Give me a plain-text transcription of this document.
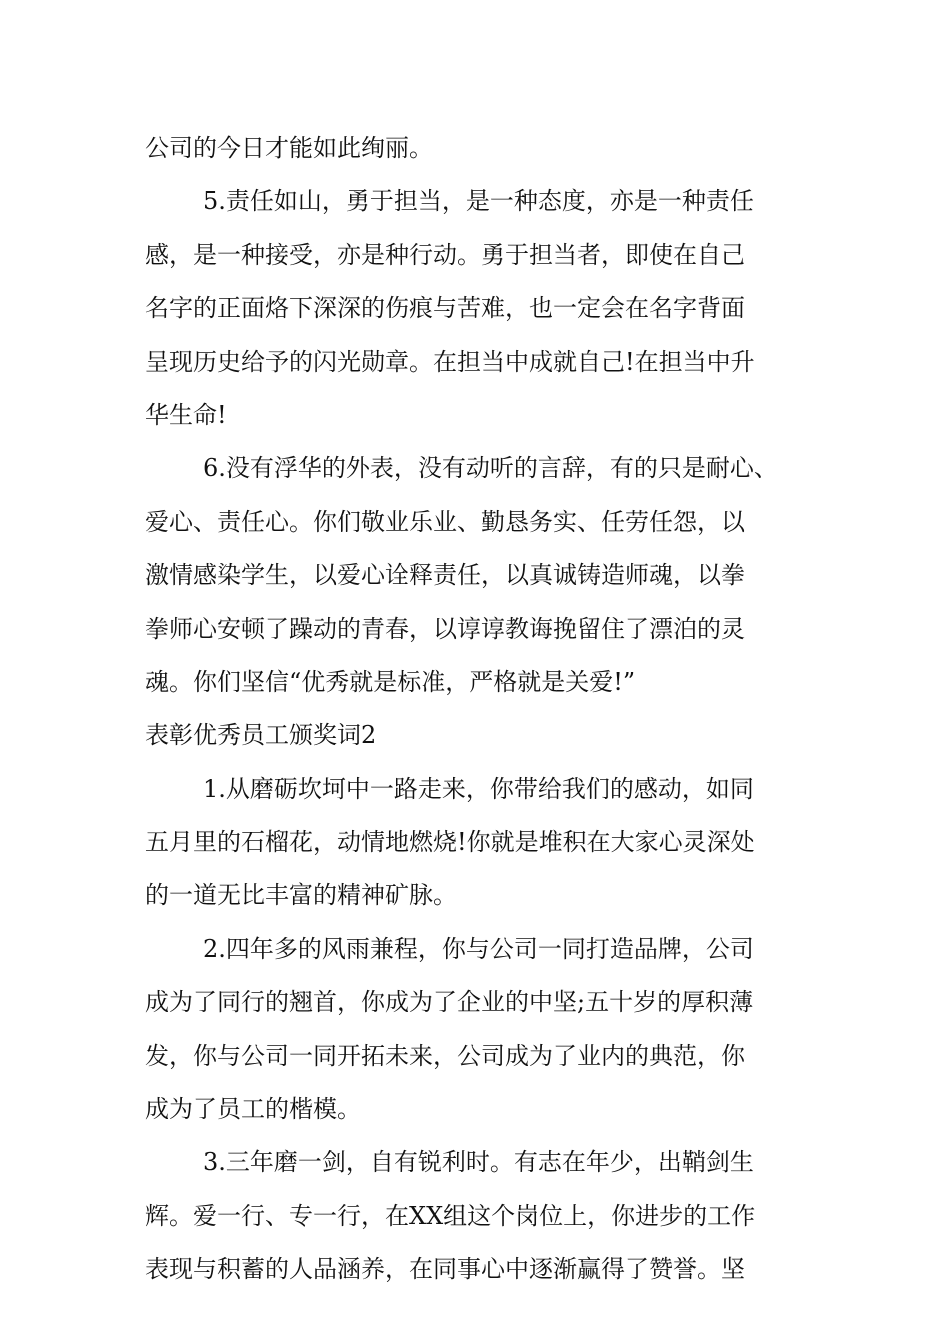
公司的今日才能如此绚丽。
5.责任如山，勇于担当，是一种态度，亦是一种责任
感，是一种接受，亦是种行动。勇于担当者，即使在自己
名字的正面烙下深深的伤痕与苦难，也一定会在名字背面
呈现历史给予的闪光勋章。在担当中成就自己!在担当中升
华生命!
6.没有浮华的外表，没有动听的言辞，有的只是耐心、
爱心、责任心。你们敬业乐业、勤恳务实、任劳任怨，以
激情感染学生，以爱心诠释责任，以真诚铸造师魂，以拳
拳师心安顿了躁动的青春，以谆谆教诲挽留住了漂泊的灵
魂。你们坚信“优秀就是标准，严格就是关爱!”
表彰优秀员工颁奖词2
1.从磨砺坎坷中一路走来，你带给我们的感动，如同
五月里的石榴花，动情地燃烧!你就是堆积在大家心灵深处
的一道无比丰富的精神矿脉。
2.四年多的风雨兼程，你与公司一同打造品牌，公司
成为了同行的翘首，你成为了企业的中坚;五十岁的厚积薄
发，你与公司一同开拓未来，公司成为了业内的典范，你
成为了员工的楷模。
3.三年磨一剑，自有锐利时。有志在年少，出鞘剑生
辉。爱一行、专一行，在XX组这个岗位上，你进步的工作
表现与积蓄的人品涵养，在同事心中逐渐赢得了赞誉。坚
